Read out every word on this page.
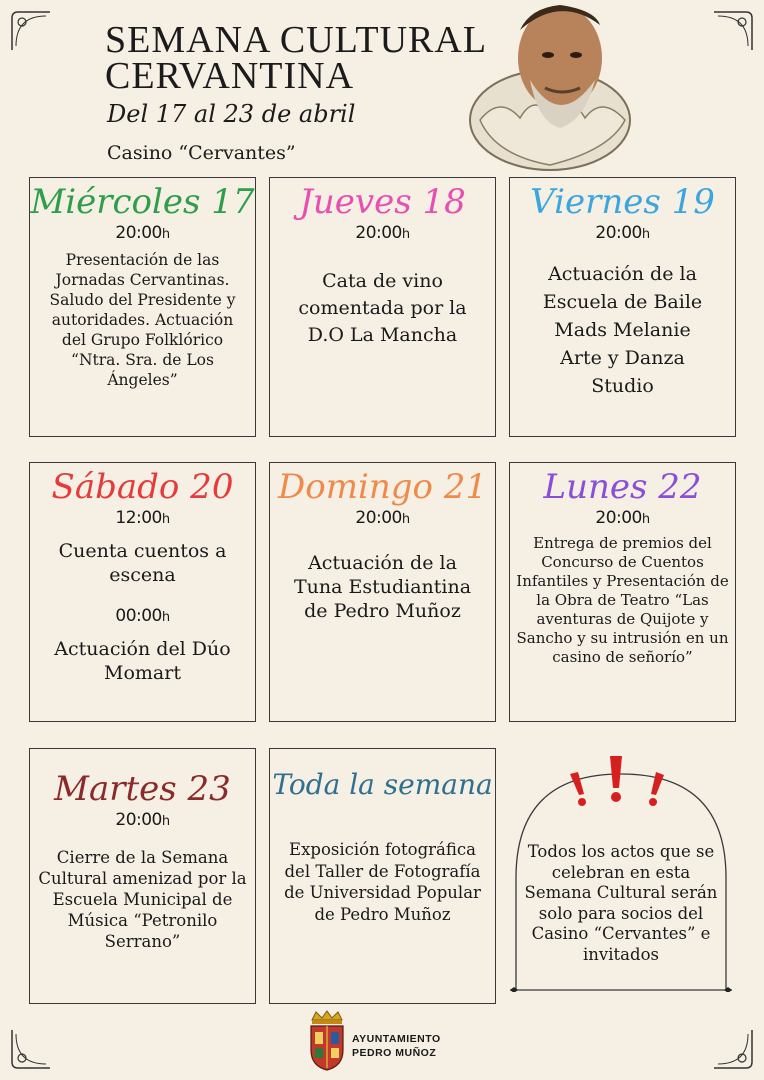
SEMANA CULTURAL
CERVANTINA
Del 17 al 23 de abril
Casino “Cervantes”
Miércoles 17
20:00 h
Presentación de las Jornadas Cervantinas. Saludo del Presidente y autoridades. Actuación del Grupo Folklórico “Ntra. Sra. de Los Ángeles”
Jueves 18
20:00 h
Cata de vino comentada por la D.O La Mancha
Viernes 19
20:00 h
Actuación de la Escuela de Baile Mads Melanie Arte y Danza Studio
Sábado 20
12:00 h
Cuenta cuentos a escena
00:00 h
Actuación del Dúo Momart
Domingo 21
20:00 h
Actuación de la Tuna Estudiantina de Pedro Muñoz
Lunes 22
20:00 h
Entrega de premios del Concurso de Cuentos Infantiles y Presentación de la Obra de Teatro “Las aventuras de Quijote y Sancho y su intrusión en un casino de señorío”
Martes 23
20:00 h
Cierre de la Semana Cultural amenizad por la Escuela Municipal de Música “Petronilo Serrano”
Toda la semana
Exposición fotográfica del Taller de Fotografía de Universidad Popular de Pedro Muñoz
Todos los actos que se celebran en esta Semana Cultural serán solo para socios del Casino “Cervantes” e invitados
AYUNTAMIENTO
PEDRO MUÑOZ
